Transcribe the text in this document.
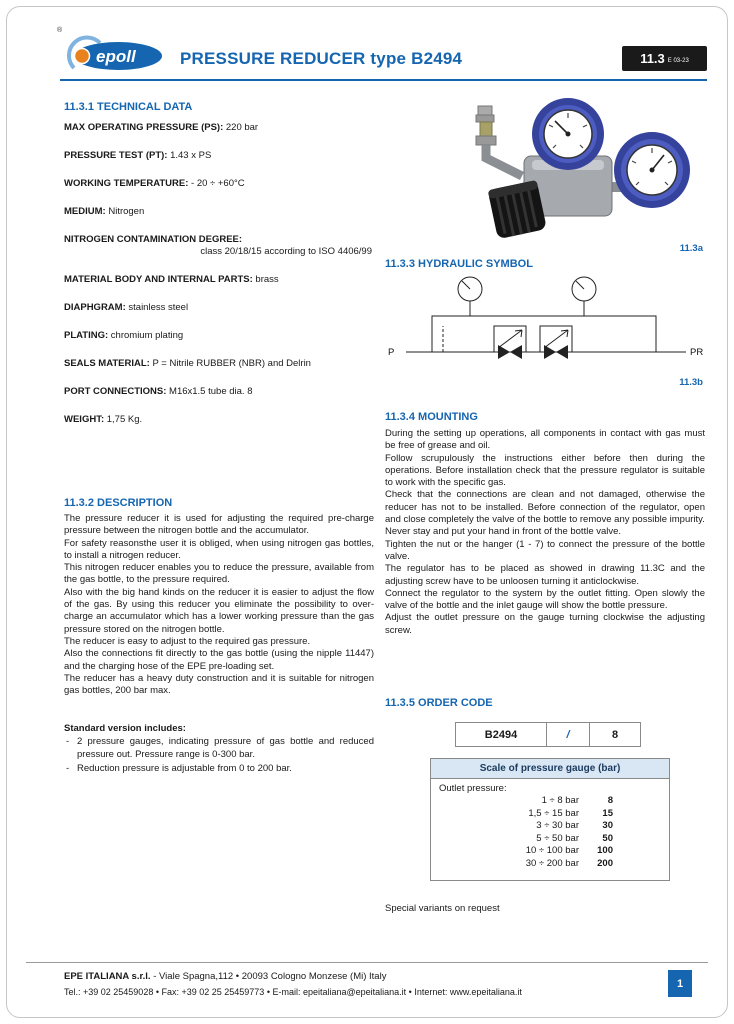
®
epoll	PRESSURE REDUCER type B2494	11.3 E 03-23
11.3.1 TECHNICAL DATA
MAX OPERATING PRESSURE (PS): 220 bar
PRESSURE TEST (PT): 1.43 x PS
WORKING TEMPERATURE: - 20 ÷ +60°C
MEDIUM: Nitrogen
NITROGEN CONTAMINATION DEGREE:
class 20/18/15 according to ISO 4406/99
MATERIAL BODY AND INTERNAL PARTS: brass
DIAPHGRAM: stainless steel
PLATING: chromium plating
SEALS MATERIAL: P = Nitrile RUBBER (NBR) and Delrin
PORT CONNECTIONS: M16x1.5 tube dia. 8
WEIGHT: 1,75 Kg.
11.3a
11.3.3 HYDRAULIC SYMBOL
P	PR
11.3b
11.3.2 DESCRIPTION

The pressure reducer it is used for adjusting the required pre-charge pressure between the nitrogen bottle and the accumulator.

For safety reasonsthe user it is obliged, when using nitrogen gas bottles, to install a nitrogen reducer.

This nitrogen reducer enables you to reduce the pressure, available from the gas bottle, to the pressure required.

Also with the big hand kinds on the reducer it is easier to adjust the flow of the gas. By using this reducer you eliminate the possibility to over-charge an accumulator which has a lower working pressure than the gas pressure stored on the nitrogen bottle.

The reducer is easy to adjust to the required gas pressure.

Also the connections fit directly to the gas bottle (using the nipple 11447) and the charging hose of the EPE pre-loading set.

The reducer has a heavy duty construction and it is suitable for nitrogen gas bottles, 200 bar max.

Standard version includes:
- 2 pressure gauges, indicating pressure of gas bottle and reduced pressure out. Pressure range is 0-300 bar.
- Reduction pressure is adjustable from 0 to 200 bar.
11.3.4 MOUNTING

During the setting up operations, all components in contact with gas must be free of grease and oil.

Follow scrupulously the instructions either before then during the operations. Before installation check that the pressure regulator is suitable to work with the specific gas.

Check that the connections are clean and not damaged, otherwise the reducer has not to be installed. Before connection of the regulator, open and close completely the valve of the bottle to remove any possible impurity.

Never stay and put your hand in front of the bottle valve.

Tighten the nut or the hanger (1 - 7) to connect the pressure of the bottle valve.

The regulator has to be placed as showed in drawing 11.3C and the adjusting screw have to be unloosen turning it anticlockwise.

Connect the regulator to the system by the outlet fitting. Open slowly the valve of the bottle and the inlet gauge will show the bottle pressure.

Adjust the outlet pressure on the gauge turning clockwise the adjusting screw.

11.3.5 ORDER CODE
B2494	/	8
Scale of pressure gauge (bar)
Outlet pressure:
1 ÷ 8 bar	8
1,5 ÷ 15 bar	15
3 ÷ 30 bar	30
5 ÷ 50 bar	50
10 ÷ 100 bar	100
30 ÷ 200 bar	200
Special variants on request
EPE ITALIANA s.r.l. - Viale Spagna,112 • 20093 Cologno Monzese (Mi) Italy
Tel.: +39 02 25459028 • Fax: +39 02 25 25459773 • E-mail: epeitaliana@epeitaliana.it • Internet: www.epeitaliana.it
1
